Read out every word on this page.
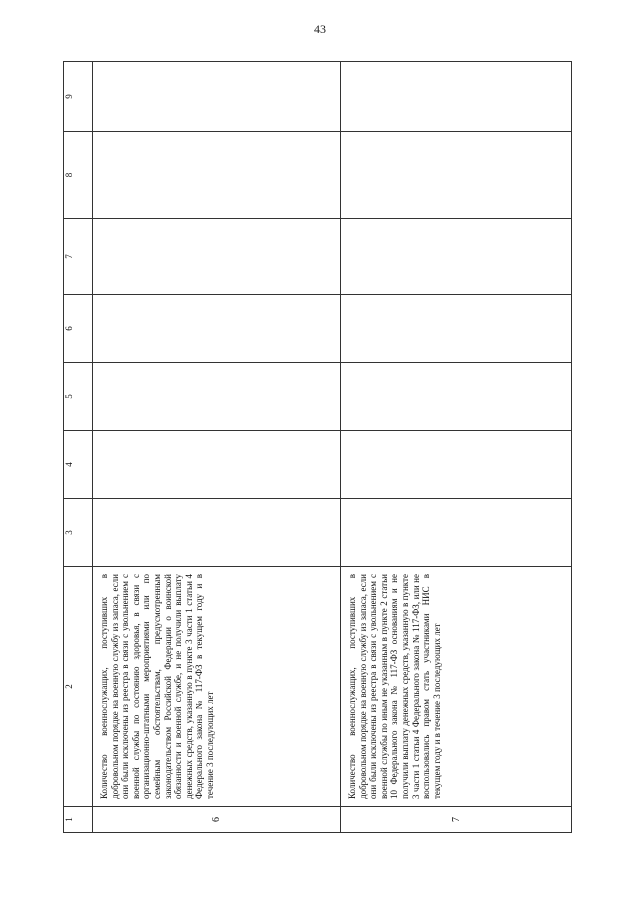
43
1	2	3	4	5	6	7	8	9
6	Количество военнослужащих, поступивших в добровольном порядке на военную службу из запаса, если они были исключены из реестра в связи с увольнением с военной службы по состоянию здоровья, в связи с организационно-штатными мероприятиями или по семейным обстоятельствам, предусмотренным законодательством Российской Федерации о воинской обязанности и военной службе, и не получили выплату денежных средств, указанную в пункте 3 части 1 статьи 4 Федерального закона № 117-ФЗ в текущем году и в течение 3 последующих лет							
7	Количество военнослужащих, поступивших в добровольном порядке на военную службу из запаса, если они были исключены из реестра в связи с увольнением с военной службы по иным не указанным в пункте 2 статьи 10 Федерального закона № 117-ФЗ основаниям и не получили выплату денежных средств, указанную в пункте 3 части 1 статьи 4 Федерального закона № 117-ФЗ, или не воспользовались правом стать участниками НИС в текущем году и в течение 3 последующих лет							
